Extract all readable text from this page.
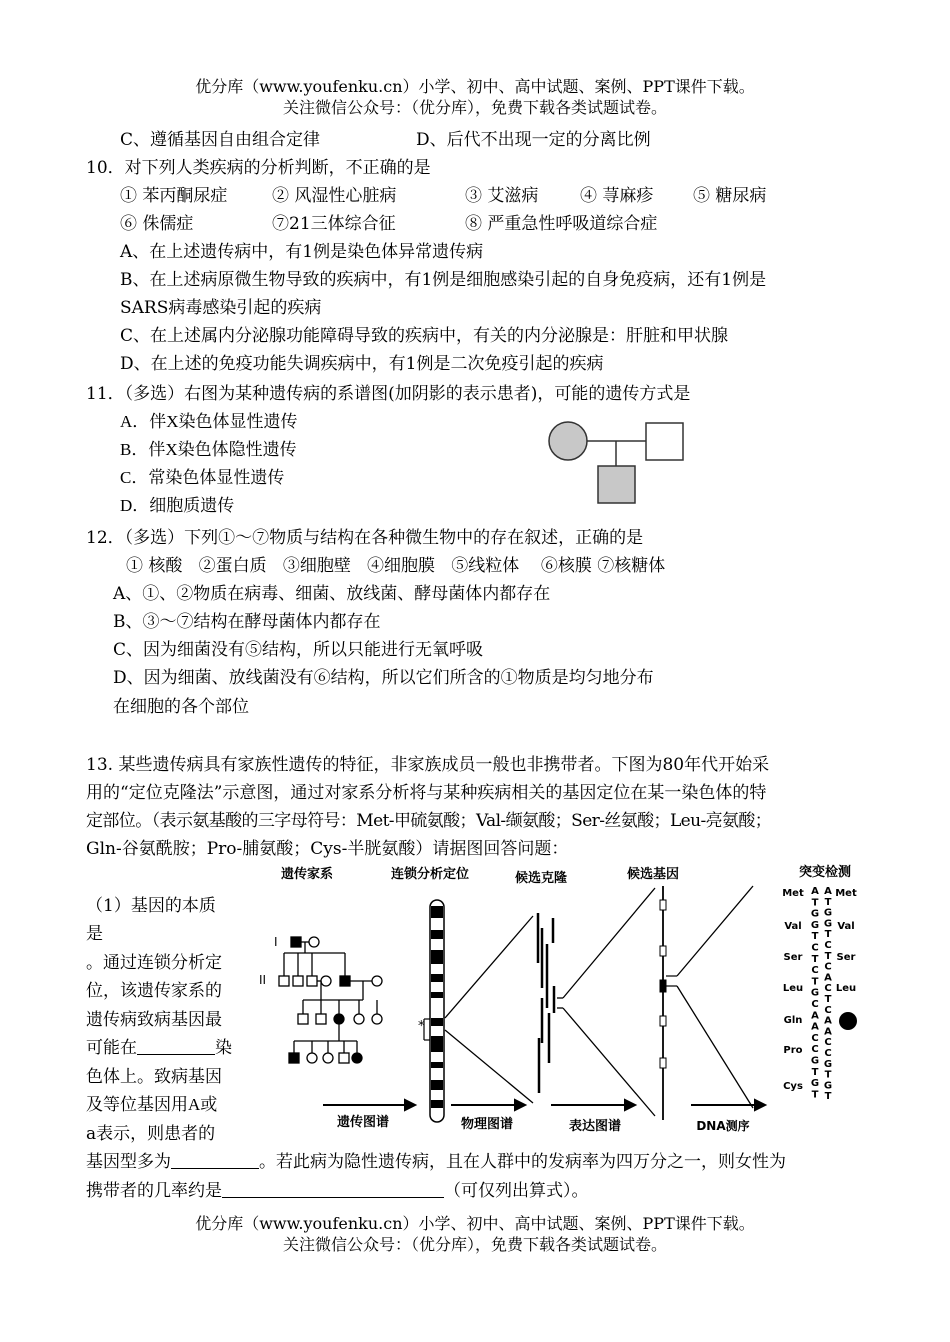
优分库（www.youfenku.cn）小学、初中、高中试题、案例、PPT课件下载。
关注微信公众号：（优分库），免费下载各类试题试卷。
C、遵循基因自由组合定律	D、后代不出现一定的分离比例
10．对下列人类疾病的分析判断，不正确的是
① 苯丙酮尿症	② 风湿性心脏病	③ 艾滋病 ④ 荨麻疹 ⑤ 糖尿病
⑥ 侏儒症	⑦21三体综合征	⑧ 严重急性呼吸道综合症
A、在上述遗传病中，有1例是染色体异常遗传病
B、在上述病原微生物导致的疾病中，有1例是细胞感染引起的自身免疫病，还有1例是
SARS病毒感染引起的疾病
C、在上述属内分泌腺功能障碍导致的疾病中，有关的内分泌腺是：肝脏和甲状腺
D、在上述的免疫功能失调疾病中，有1例是二次免疫引起的疾病
11．（多选）右图为某种遗传病的系谱图(加阴影的表示患者)，可能的遗传方式是
A．伴X染色体显性遗传
B．伴X染色体隐性遗传
C．常染色体显性遗传
D．细胞质遗传
12．（多选）下列①～⑦物质与结构在各种微生物中的存在叙述，正确的是
① 核酸   ②蛋白质   ③细胞壁   ④细胞膜   ⑤线粒体    ⑥核膜 ⑦核糖体
A、①、②物质在病毒、细菌、放线菌、酵母菌体内都存在
B、③～⑦结构在酵母菌体内都存在
C、因为细菌没有⑤结构，所以只能进行无氧呼吸
D、因为细菌、放线菌没有⑥结构，所以它们所含的①物质是均匀地分布
在细胞的各个部位
13. 某些遗传病具有家族性遗传的特征，非家族成员一般也非携带者。下图为80年代开始采
用的“定位克隆法”示意图，通过对家系分析将与某种疾病相关的基因定位在某一染色体的特
定部位。（表示氨基酸的三字母符号：Met-甲硫氨酸；Val-缬氨酸；Ser-丝氨酸；Leu-亮氨酸；
Gln-谷氨酰胺；Pro-脯氨酸；Cys-半胱氨酸）请据图回答问题：
（1）基因的本质
是
。通过连锁分析定
位，该遗传家系的
遗传病致病基因最
可能在	染
色体上。致病基因
及等位基因用A或
a表示，则患者的
基因型多为	。若此病为隐性遗传病，且在人群中的发病率为四万分之一，则女性为
携带者的几率约是	（可仅列出算式）。
遗传家系	连锁分析定位	候选克隆	候选基因	突变检测
I
II
*
遗传图谱	物理图谱	表达图谱	DNA测序
Met
Val
Ser
Leu
Gln
Pro
Cys
Met
Val
Ser
Leu
A
T
G
G
T
C
T
C
T
G
C
A
A
C
C
G
T
G
T
A
T
G
G
T
C
T
C
A
C
T
C
A
A
C
C
G
T
G
T
优分库（www.youfenku.cn）小学、初中、高中试题、案例、PPT课件下载。
关注微信公众号：（优分库），免费下载各类试题试卷。
